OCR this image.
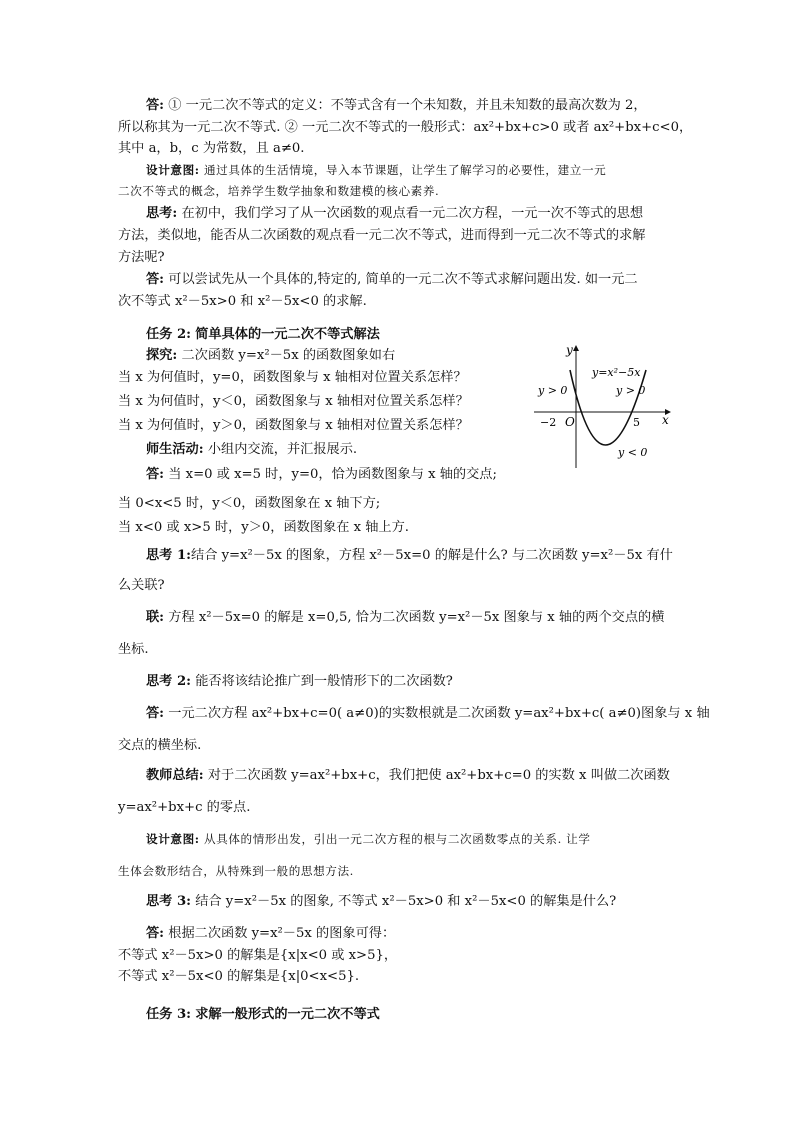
答: ① 一元二次不等式的定义：不等式含有一个未知数，并且未知数的最高次数为 2，
所以称其为一元二次不等式. ② 一元二次不等式的一般形式：ax²+bx+c>0 或者 ax²+bx+c<0，
其中 a，b，c 为常数，且 a≠0.
设计意图: 通过具体的生活情境，导入本节课题，让学生了解学习的必要性，建立一元
二次不等式的概念，培养学生数学抽象和数建模的核心素养.
思考: 在初中，我们学习了从一次函数的观点看一元二次方程，一元一次不等式的思想
方法，类似地，能否从二次函数的观点看一元二次不等式，进而得到一元二次不等式的求解
方法呢?
答: 可以尝试先从一个具体的,特定的, 简单的一元二次不等式求解问题出发. 如一元二
次不等式 x²－5x>0 和 x²－5x<0 的求解.
任务 2: 简单具体的一元二次不等式解法
探究: 二次函数 y=x²－5x 的函数图象如右
当 x 为何值时，y=0，函数图象与 x 轴相对位置关系怎样？
当 x 为何值时，y＜0，函数图象与 x 轴相对位置关系怎样？
当 x 为何值时，y＞0，函数图象与 x 轴相对位置关系怎样？
师生活动: 小组内交流，并汇报展示.
答: 当 x=0 或 x=5 时，y=0，恰为函数图象与 x 轴的交点;
当 0<x<5 时，y＜0，函数图象在 x 轴下方;
当 x<0 或 x>5 时，y＞0，函数图象在 x 轴上方.
思考 1:结合 y=x²－5x 的图象，方程 x²－5x=0 的解是什么? 与二次函数 y=x²－5x 有什
么关联?
联: 方程 x²－5x=0 的解是 x=0,5, 恰为二次函数 y=x²－5x 图象与 x 轴的两个交点的横
坐标.
思考 2: 能否将该结论推广到一般情形下的二次函数?
答: 一元二次方程 ax²+bx+c=0( a≠0)的实数根就是二次函数 y=ax²+bx+c( a≠0)图象与 x 轴
交点的横坐标.
教师总结: 对于二次函数 y=ax²+bx+c，我们把使 ax²+bx+c=0 的实数 x 叫做二次函数
y=ax²+bx+c 的零点.
设计意图: 从具体的情形出发，引出一元二次方程的根与二次函数零点的关系. 让学
生体会数形结合，从特殊到一般的思想方法.
思考 3: 结合 y=x²－5x 的图象, 不等式 x²－5x>0 和 x²－5x<0 的解集是什么?
答: 根据二次函数 y=x²－5x 的图象可得：
不等式 x²－5x>0 的解集是{x|x<0 或 x>5}，
不等式 x²－5x<0 的解集是{x|0<x<5}.
任务 3: 求解一般形式的一元二次不等式
y
x
O
y=x²−5x
−2	5
y > 0	y > 0
y < 0
